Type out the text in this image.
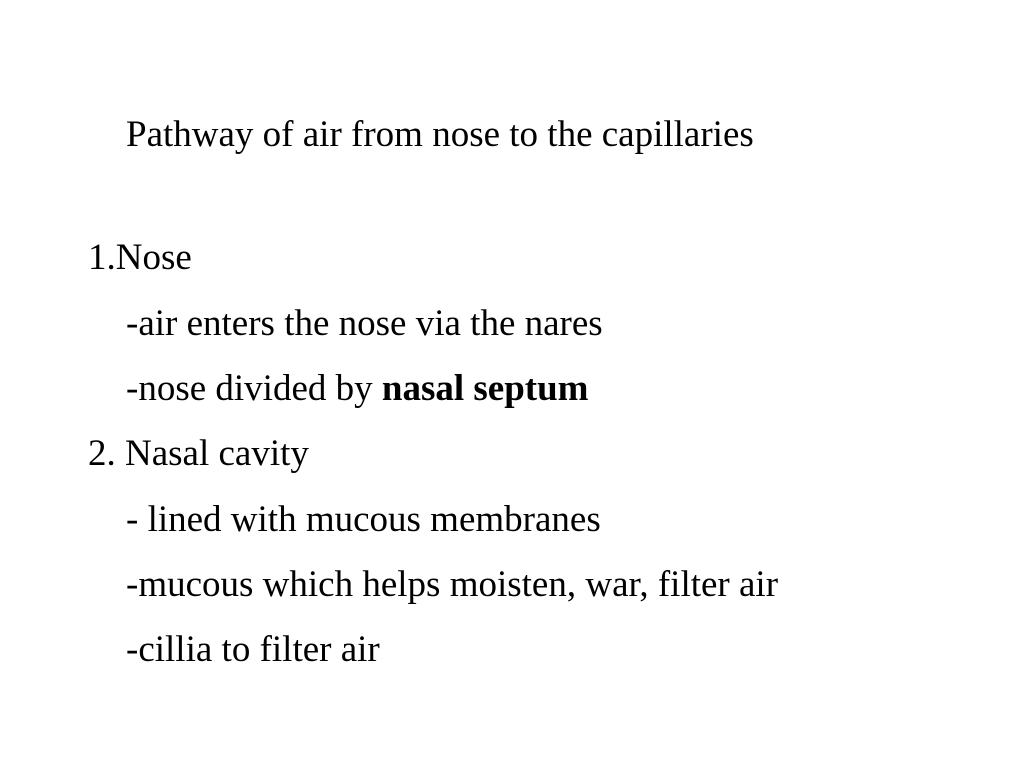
Pathway of air from nose to the capillaries
1.Nose
-air enters the nose via the nares
-nose divided by nasal septum
2. Nasal cavity
- lined with mucous membranes
-mucous which helps moisten, war, filter air
-cillia to filter air
